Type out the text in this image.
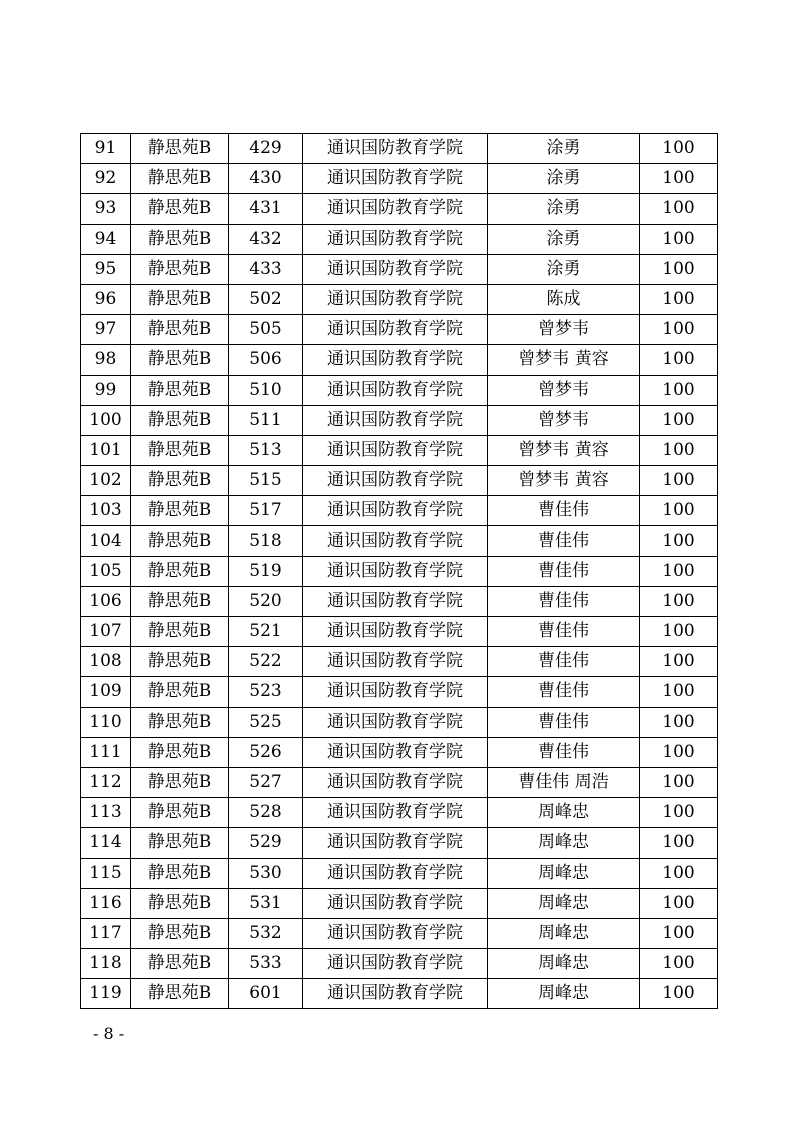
91	静思苑B	429	通识国防教育学院	涂勇	100
92	静思苑B	430	通识国防教育学院	涂勇	100
93	静思苑B	431	通识国防教育学院	涂勇	100
94	静思苑B	432	通识国防教育学院	涂勇	100
95	静思苑B	433	通识国防教育学院	涂勇	100
96	静思苑B	502	通识国防教育学院	陈成	100
97	静思苑B	505	通识国防教育学院	曾梦韦	100
98	静思苑B	506	通识国防教育学院	曾梦韦 黄容	100
99	静思苑B	510	通识国防教育学院	曾梦韦	100
100	静思苑B	511	通识国防教育学院	曾梦韦	100
101	静思苑B	513	通识国防教育学院	曾梦韦 黄容	100
102	静思苑B	515	通识国防教育学院	曾梦韦 黄容	100
103	静思苑B	517	通识国防教育学院	曹佳伟	100
104	静思苑B	518	通识国防教育学院	曹佳伟	100
105	静思苑B	519	通识国防教育学院	曹佳伟	100
106	静思苑B	520	通识国防教育学院	曹佳伟	100
107	静思苑B	521	通识国防教育学院	曹佳伟	100
108	静思苑B	522	通识国防教育学院	曹佳伟	100
109	静思苑B	523	通识国防教育学院	曹佳伟	100
110	静思苑B	525	通识国防教育学院	曹佳伟	100
111	静思苑B	526	通识国防教育学院	曹佳伟	100
112	静思苑B	527	通识国防教育学院	曹佳伟 周浩	100
113	静思苑B	528	通识国防教育学院	周峰忠	100
114	静思苑B	529	通识国防教育学院	周峰忠	100
115	静思苑B	530	通识国防教育学院	周峰忠	100
116	静思苑B	531	通识国防教育学院	周峰忠	100
117	静思苑B	532	通识国防教育学院	周峰忠	100
118	静思苑B	533	通识国防教育学院	周峰忠	100
119	静思苑B	601	通识国防教育学院	周峰忠	100
- 8 -
